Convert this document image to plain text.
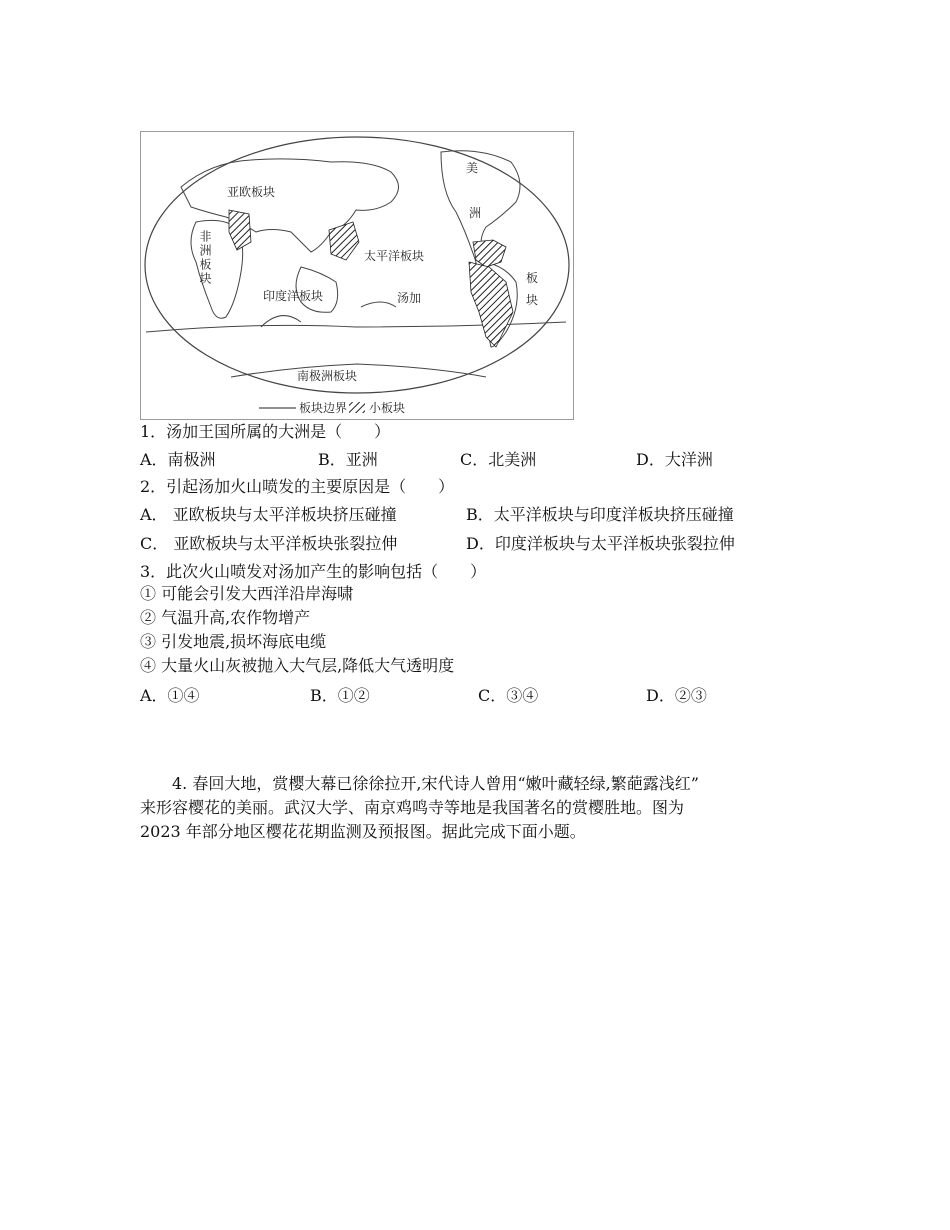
亚欧板块
非洲板块	太平洋板块
印度洋板块	汤加
美
洲
板
块
南极洲板块
板块边界 小板块
1．汤加王国所属的大洲是（　　）
A．南极洲	B．亚洲	C．北美洲	D．大洋洲
2．引起汤加火山喷发的主要原因是（　　）
A． 亚欧板块与太平洋板块挤压碰撞	B．太平洋板块与印度洋板块挤压碰撞
C． 亚欧板块与太平洋板块张裂拉伸	D．印度洋板块与太平洋板块张裂拉伸
3．此次火山喷发对汤加产生的影响包括（　　）
① 可能会引发大西洋沿岸海啸
② 气温升高,农作物增产
③ 引发地震,损坏海底电缆
④ 大量火山灰被抛入大气层,降低大气透明度
A．①④	B．①②	C．③④	D．②③
4. 春回大地，赏樱大幕已徐徐拉开,宋代诗人曾用“嫩叶藏轻绿,繁葩露浅红”
来形容樱花的美丽。武汉大学、南京鸡鸣寺等地是我国著名的赏樱胜地。图为
2023 年部分地区樱花花期监测及预报图。据此完成下面小题。
